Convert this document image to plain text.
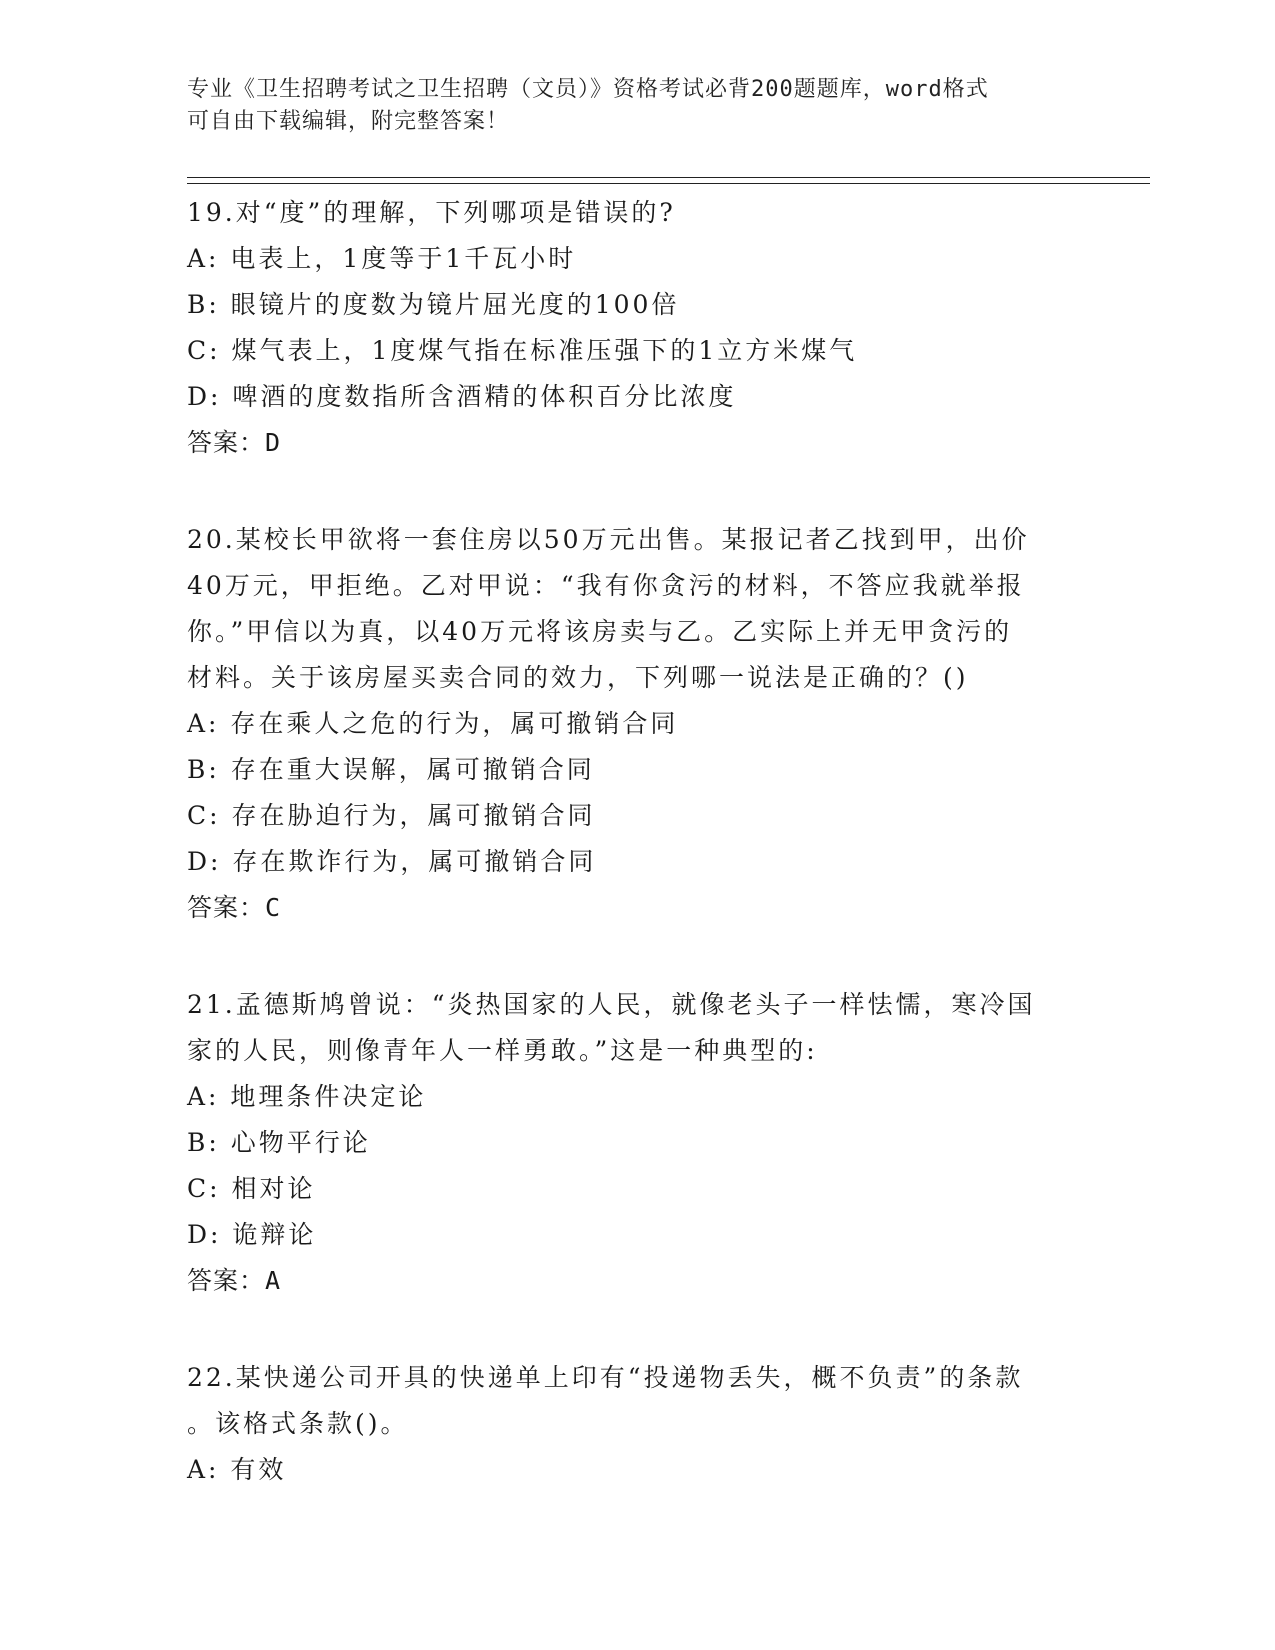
专业《卫生招聘考试之卫生招聘（文员）》资格考试必背200题题库，word格式
可自由下载编辑，附完整答案！
19.对“度”的理解，下列哪项是错误的?
A: 电表上，1度等于1千瓦小时
B: 眼镜片的度数为镜片屈光度的100倍
C: 煤气表上，1度煤气指在标准压强下的1立方米煤气
D: 啤酒的度数指所含酒精的体积百分比浓度
答案：D
20.某校长甲欲将一套住房以50万元出售。某报记者乙找到甲，出价
40万元，甲拒绝。乙对甲说：“我有你贪污的材料，不答应我就举报
你。”甲信以为真，以40万元将该房卖与乙。乙实际上并无甲贪污的
材料。关于该房屋买卖合同的效力，下列哪一说法是正确的？()
A: 存在乘人之危的行为，属可撤销合同
B: 存在重大误解，属可撤销合同
C: 存在胁迫行为，属可撤销合同
D: 存在欺诈行为，属可撤销合同
答案：C
21.孟德斯鸠曾说：“炎热国家的人民，就像老头子一样怯懦，寒冷国
家的人民，则像青年人一样勇敢。”这是一种典型的:
A: 地理条件决定论
B: 心物平行论
C: 相对论
D: 诡辩论
答案：A
22.某快递公司开具的快递单上印有“投递物丢失，概不负责”的条款
。该格式条款()。
A: 有效
